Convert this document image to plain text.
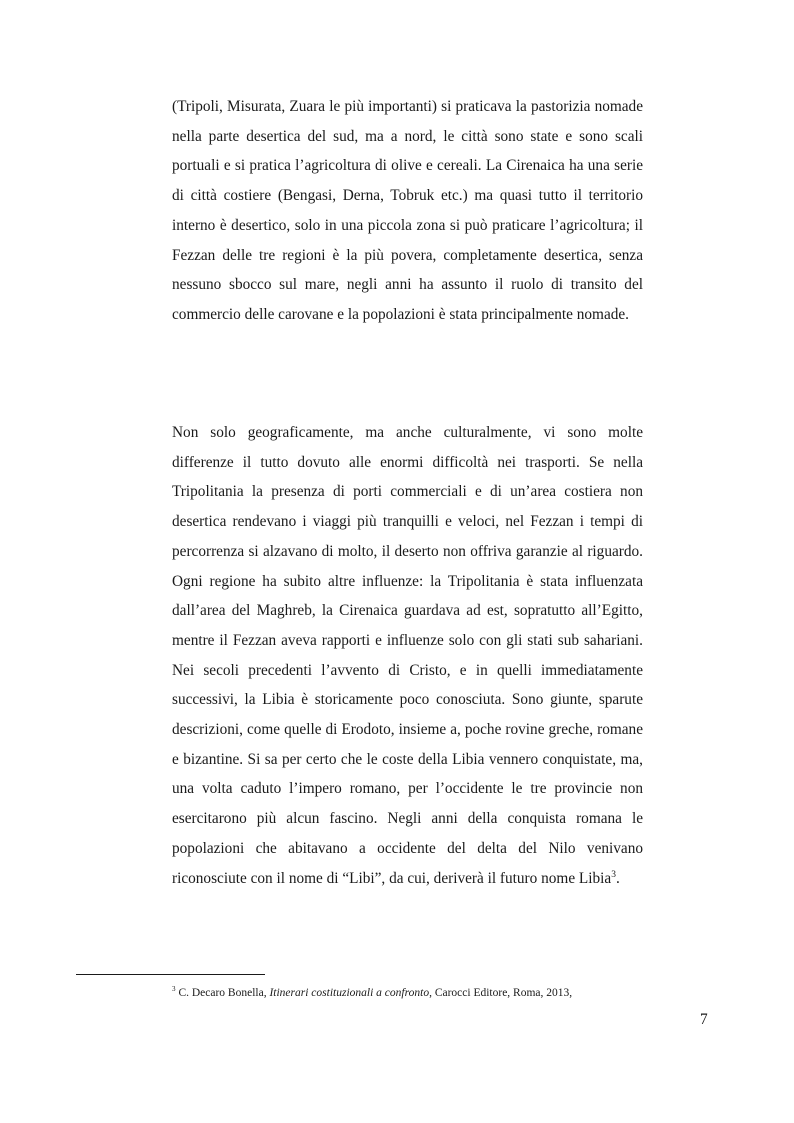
(Tripoli, Misurata, Zuara le più importanti) si praticava la pastorizia nomade nella parte desertica del sud, ma a nord, le città sono state e sono scali portuali e si pratica l’agricoltura di olive e cereali. La Cirenaica ha una serie di città costiere (Bengasi, Derna, Tobruk etc.) ma quasi tutto il territorio interno è desertico, solo in una piccola zona si può praticare l’agricoltura; il Fezzan delle tre regioni è la più povera, completamente desertica, senza nessuno sbocco sul mare, negli anni ha assunto il ruolo di transito del commercio delle carovane e la popolazioni è stata principalmente nomade.

Non solo geograficamente, ma anche culturalmente, vi sono molte differenze il tutto dovuto alle enormi difficoltà nei trasporti. Se nella Tripolitania la presenza di porti commerciali e di un’area costiera non desertica rendevano i viaggi più tranquilli e veloci, nel Fezzan i tempi di percorrenza si alzavano di molto, il deserto non offriva garanzie al riguardo. Ogni regione ha subito altre influenze: la Tripolitania è stata influenzata dall’area del Maghreb, la Cirenaica guardava ad est, sopratutto all’Egitto, mentre il Fezzan aveva rapporti e influenze solo con gli stati sub sahariani. Nei secoli precedenti l’avvento di Cristo, e in quelli immediatamente successivi, la Libia è storicamente poco conosciuta. Sono giunte, sparute descrizioni, come quelle di Erodoto, insieme a, poche rovine greche, romane e bizantine. Si sa per certo che le coste della Libia vennero conquistate, ma, una volta caduto l’impero romano, per l’occidente le tre provincie non esercitarono più alcun fascino. Negli anni della conquista romana le popolazioni che abitavano a occidente del delta del Nilo venivano riconosciute con il nome di “Libi”, da cui, deriverà il futuro nome Libia$^3$.

$^3$ C. Decaro Bonella, Itinerari costituzionali a confronto, Carocci Editore, Roma, 2013,

7
